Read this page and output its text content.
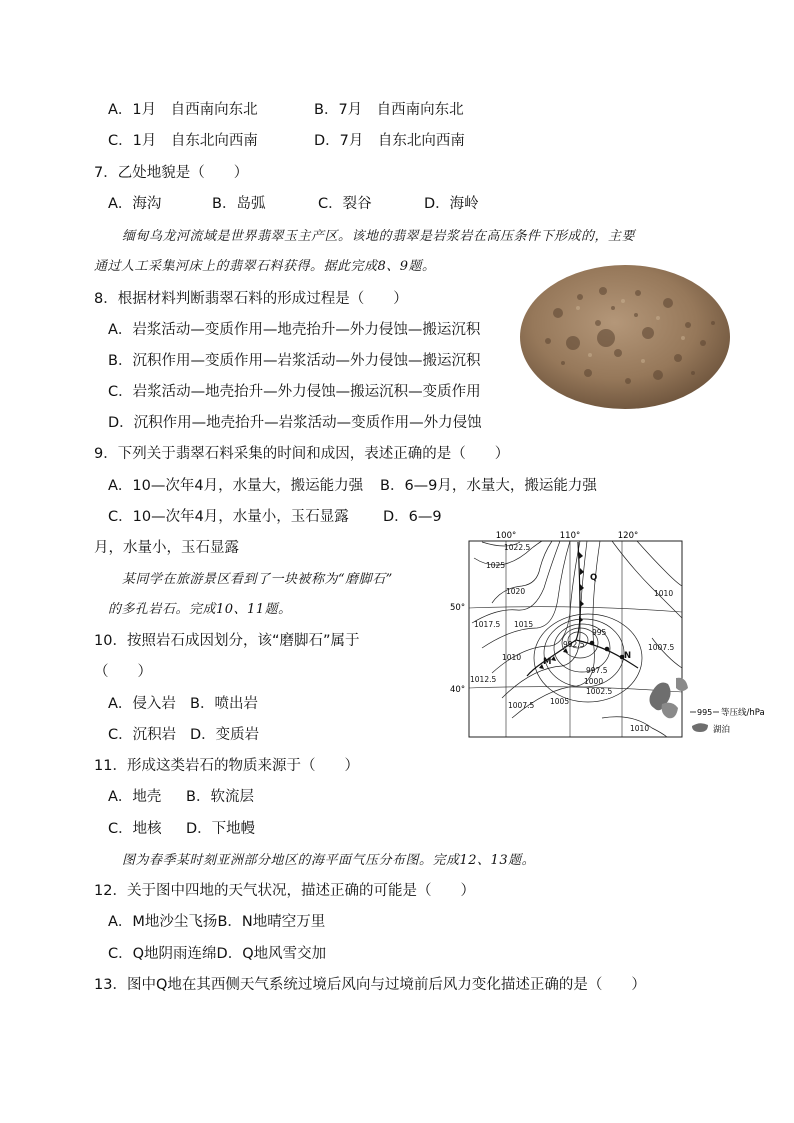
A．1月　自西南向东北	B．7月　自西南向东北
C．1月　自东北向西南	D．7月　自东北向西南
7．乙处地貌是（　　）
A．海沟	B．岛弧	C．裂谷	D．海岭
缅甸乌龙河流域是世界翡翠玉主产区。该地的翡翠是岩浆岩在高压条件下形成的，主要
通过人工采集河床上的翡翠石料获得。据此完成8、9题。
8．根据材料判断翡翠石料的形成过程是（　　）
A．岩浆活动—变质作用—地壳抬升—外力侵蚀—搬运沉积
B．沉积作用—变质作用—岩浆活动—外力侵蚀—搬运沉积
C．岩浆活动—地壳抬升—外力侵蚀—搬运沉积—变质作用
D．沉积作用—地壳抬升—岩浆活动—变质作用—外力侵蚀
9．下列关于翡翠石料采集的时间和成因，表述正确的是（　　）
A．10—次年4月，水量大，搬运能力强 B．6—9月，水量大，搬运能力强
C．10—次年4月，水量小，玉石显露 D．6—9
月，水量小，玉石显露
某同学在旅游景区看到了一块被称为“磨脚石”
的多孔岩石。完成10、11题。
10．按照岩石成因划分，该“磨脚石”属于
（　　）
A．侵入岩 B．喷出岩
C．沉积岩 D．变质岩
11．形成这类岩石的物质来源于（　　）
A．地壳 B．软流层
C．地核 D．下地幔
图为春季某时刻亚洲部分地区的海平面气压分布图。完成12、13题。
12．关于图中四地的天气状况，描述正确的可能是（　　）
A．M地沙尘飞扬B．N地晴空万里
C．Q地阴雨连绵D．Q地风雪交加
13．图中Q地在其西侧天气系统过境后风向与过境前后风力变化描述正确的是（　　）
100°	110°	120°
50°
40°
1022.5
1025
1020
1017.5 1015
1010
1012.5
1007.5 1005
1000
1002.5
997.5
995
992.5
1010
1007.5
1010
Q
M
N
995 等压线/hPa
湖泊
